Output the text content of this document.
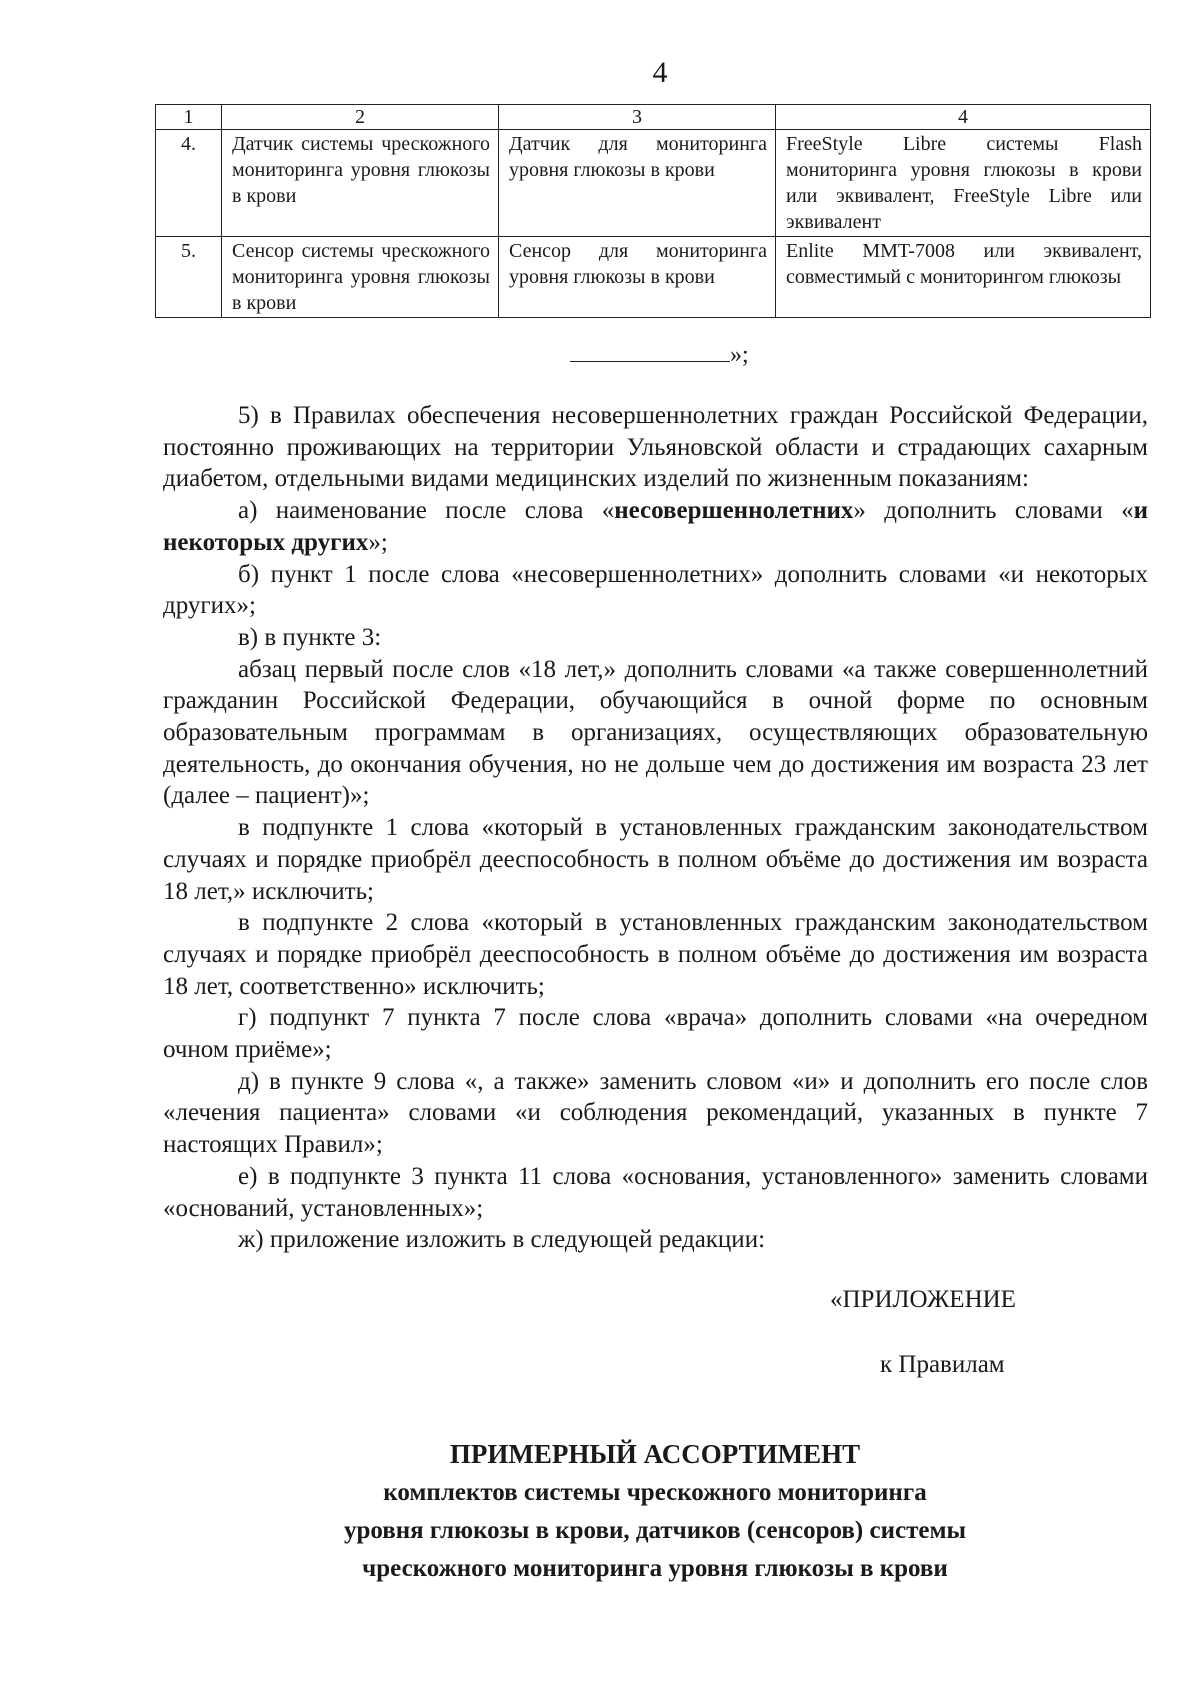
4
1	2	3	4
4.	Датчик системы чрескожного мониторинга уровня глюкозы в крови	Датчик для мониторинга уровня глюкозы в крови	FreeStyle Libre системы Flash мониторинга уровня глюкозы в крови или эквивалент, FreeStyle Libre или эквивалент
5.	Сенсор системы чрескожного мониторинга уровня глюкозы в крови	Сенсор для мониторинга уровня глюкозы в крови	Enlite MMT-7008 или эквивалент, совместимый с мониторингом глюкозы
»;

5) в Правилах обеспечения несовершеннолетних граждан Российской Федерации, постоянно проживающих на территории Ульяновской области и страдающих сахарным диабетом, отдельными видами медицинских изделий по жизненным показаниям:

а) наименование после слова «несовершеннолетних» дополнить словами «и некоторых других»;

б) пункт 1 после слова «несовершеннолетних» дополнить словами «и некоторых других»;

в) в пункте 3:

абзац первый после слов «18 лет,» дополнить словами «а также совершеннолетний гражданин Российской Федерации, обучающийся в очной форме по основным образовательным программам в организациях, осуществляющих образовательную деятельность, до окончания обучения, но не дольше чем до достижения им возраста 23 лет (далее – пациент)»;

в подпункте 1 слова «который в установленных гражданским законодательством случаях и порядке приобрёл дееспособность в полном объёме до достижения им возраста 18 лет,» исключить;

в подпункте 2 слова «который в установленных гражданским законодательством случаях и порядке приобрёл дееспособность в полном объёме до достижения им возраста 18 лет, соответственно» исключить;

г) подпункт 7 пункта 7 после слова «врача» дополнить словами «на очередном очном приёме»;

д) в пункте 9 слова «, а также» заменить словом «и» и дополнить его после слов «лечения пациента» словами «и соблюдения рекомендаций, указанных в пункте 7 настоящих Правил»;

е) в подпункте 3 пункта 11 слова «основания, установленного» заменить словами «оснований, установленных»;

ж) приложение изложить в следующей редакции:

«ПРИЛОЖЕНИЕ
к Правилам
ПРИМЕРНЫЙ АССОРТИМЕНТ
комплектов системы чрескожного мониторинга
уровня глюкозы в крови, датчиков (сенсоров) системы
чрескожного мониторинга уровня глюкозы в крови
